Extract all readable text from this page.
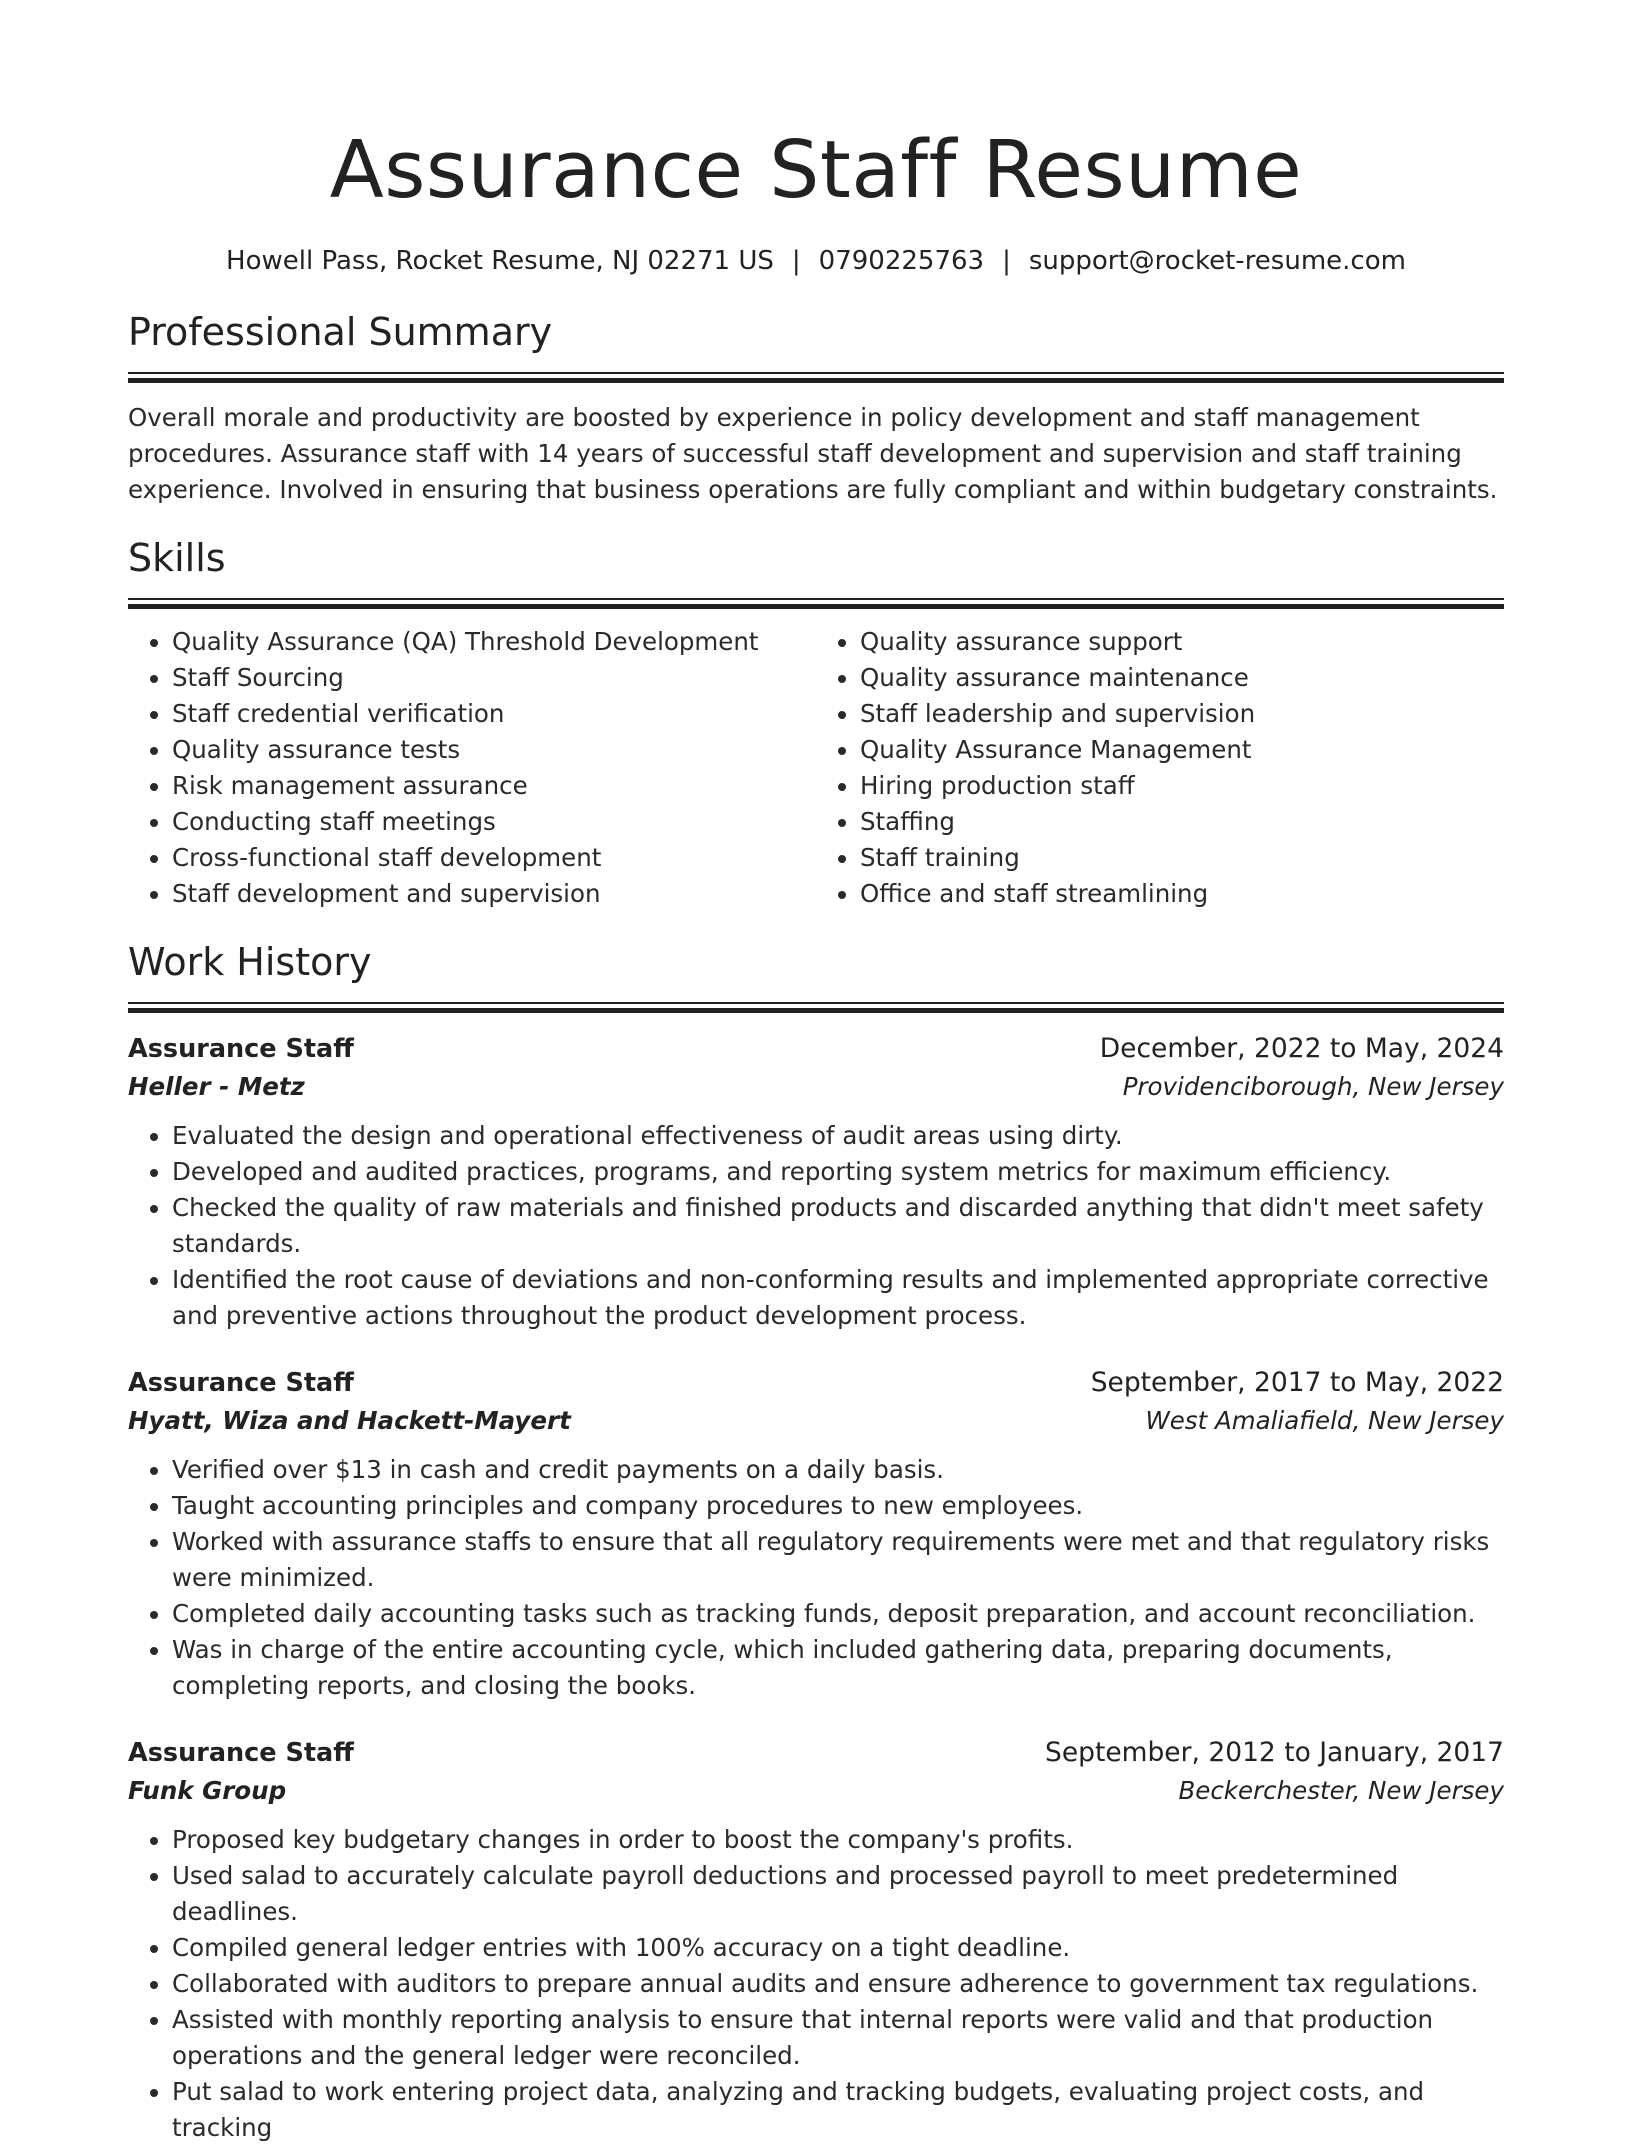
Assurance Staff Resume
Howell Pass, Rocket Resume, NJ 02271 US | 0790225763 | support@rocket-resume.com
Professional Summary
Overall morale and productivity are boosted by experience in policy development and staff management procedures. Assurance staff with 14 years of successful staff development and supervision and staff training experience. Involved in ensuring that business operations are fully compliant and within budgetary constraints.
Skills
• Quality Assurance (QA) Threshold Development
• Staff Sourcing
• Staff credential verification
• Quality assurance tests
• Risk management assurance
• Conducting staff meetings
• Cross-functional staff development
• Staff development and supervision
• Quality assurance support
• Quality assurance maintenance
• Staff leadership and supervision
• Quality Assurance Management
• Hiring production staff
• Staffing
• Staff training
• Office and staff streamlining
Work History
Assurance Staff	December, 2022 to May, 2024
Heller - Metz	Providenciborough, New Jersey
• Evaluated the design and operational effectiveness of audit areas using dirty.
• Developed and audited practices, programs, and reporting system metrics for maximum efficiency.
• Checked the quality of raw materials and finished products and discarded anything that didn't meet safety standards.
• Identified the root cause of deviations and non-conforming results and implemented appropriate corrective and preventive actions throughout the product development process.
Assurance Staff	September, 2017 to May, 2022
Hyatt, Wiza and Hackett-Mayert	West Amaliafield, New Jersey
• Verified over $13 in cash and credit payments on a daily basis.
• Taught accounting principles and company procedures to new employees.
• Worked with assurance staffs to ensure that all regulatory requirements were met and that regulatory risks were minimized.
• Completed daily accounting tasks such as tracking funds, deposit preparation, and account reconciliation.
• Was in charge of the entire accounting cycle, which included gathering data, preparing documents, completing reports, and closing the books.
Assurance Staff	September, 2012 to January, 2017
Funk Group	Beckerchester, New Jersey
• Proposed key budgetary changes in order to boost the company's profits.
• Used salad to accurately calculate payroll deductions and processed payroll to meet predetermined deadlines.
• Compiled general ledger entries with 100% accuracy on a tight deadline.
• Collaborated with auditors to prepare annual audits and ensure adherence to government tax regulations.
• Assisted with monthly reporting analysis to ensure that internal reports were valid and that production operations and the general ledger were reconciled.
• Put salad to work entering project data, analyzing and tracking budgets, evaluating project costs, and tracking
